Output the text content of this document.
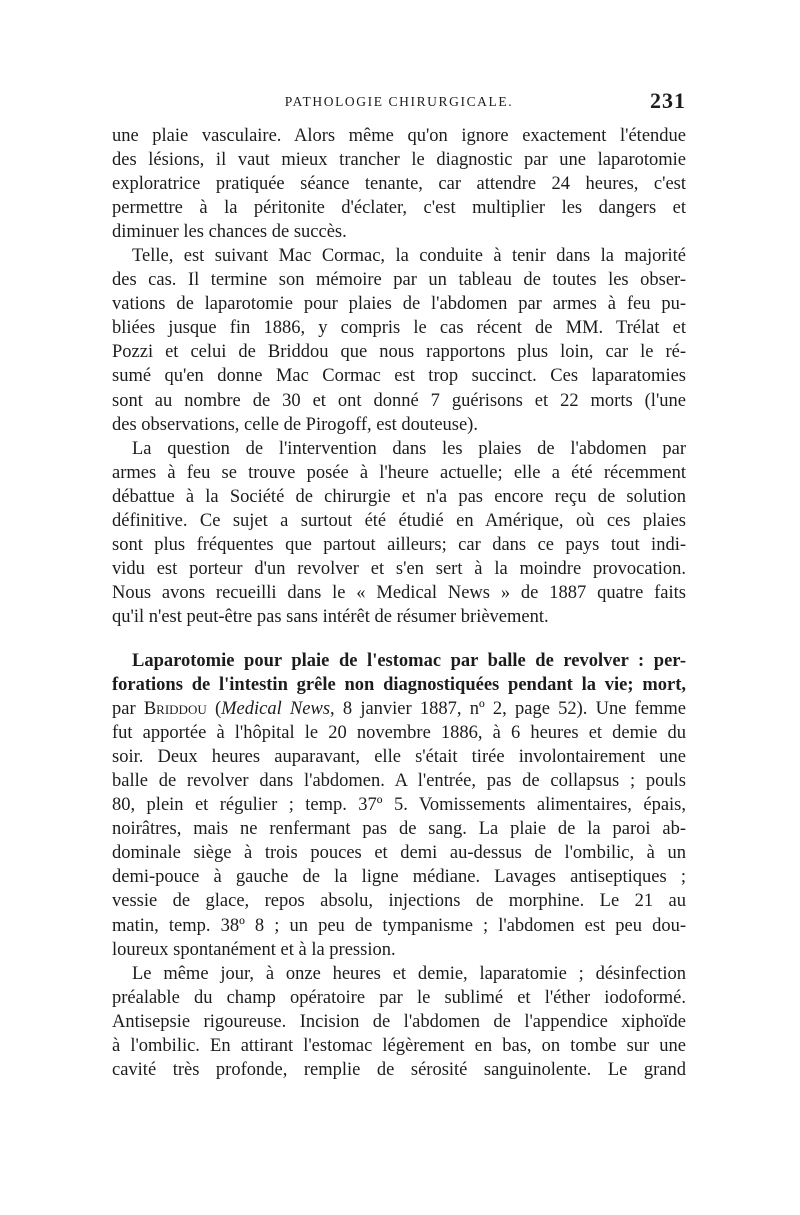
PATHOLOGIE CHIRURGICALE.	231
une plaie vasculaire. Alors même qu'on ignore exactement l'étendue
des lésions, il vaut mieux trancher le diagnostic par une laparotomie
exploratrice pratiquée séance tenante, car attendre 24 heures, c'est
permettre à la péritonite d'éclater, c'est multiplier les dangers et
diminuer les chances de succès.
Telle, est suivant Mac Cormac, la conduite à tenir dans la majorité
des cas. Il termine son mémoire par un tableau de toutes les obser-
vations de laparotomie pour plaies de l'abdomen par armes à feu pu-
bliées jusque fin 1886, y compris le cas récent de MM. Trélat et
Pozzi et celui de Briddou que nous rapportons plus loin, car le ré-
sumé qu'en donne Mac Cormac est trop succinct. Ces laparatomies
sont au nombre de 30 et ont donné 7 guérisons et 22 morts (l'une
des observations, celle de Pirogoff, est douteuse).
La question de l'intervention dans les plaies de l'abdomen par
armes à feu se trouve posée à l'heure actuelle; elle a été récemment
débattue à la Société de chirurgie et n'a pas encore reçu de solution
définitive. Ce sujet a surtout été étudié en Amérique, où ces plaies
sont plus fréquentes que partout ailleurs; car dans ce pays tout indi-
vidu est porteur d'un revolver et s'en sert à la moindre provocation.
Nous avons recueilli dans le « Medical News » de 1887 quatre faits
qu'il n'est peut-être pas sans intérêt de résumer brièvement.
Laparotomie pour plaie de l'estomac par balle de revolver : per-
forations de l'intestin grêle non diagnostiquées pendant la vie; mort,
par Briddou (Medical News, 8 janvier 1887, nº 2, page 52). Une femme
fut apportée à l'hôpital le 20 novembre 1886, à 6 heures et demie du
soir. Deux heures auparavant, elle s'était tirée involontairement une
balle de revolver dans l'abdomen. A l'entrée, pas de collapsus ; pouls
80, plein et régulier ; temp. 37º 5. Vomissements alimentaires, épais,
noirâtres, mais ne renfermant pas de sang. La plaie de la paroi ab-
dominale siège à trois pouces et demi au-dessus de l'ombilic, à un
demi-pouce à gauche de la ligne médiane. Lavages antiseptiques ;
vessie de glace, repos absolu, injections de morphine. Le 21 au
matin, temp. 38º 8 ; un peu de tympanisme ; l'abdomen est peu dou-
loureux spontanément et à la pression.
Le même jour, à onze heures et demie, laparatomie ; désinfection
préalable du champ opératoire par le sublimé et l'éther iodoformé.
Antisepsie rigoureuse. Incision de l'abdomen de l'appendice xiphoïde
à l'ombilic. En attirant l'estomac légèrement en bas, on tombe sur une
cavité très profonde, remplie de sérosité sanguinolente. Le grand
